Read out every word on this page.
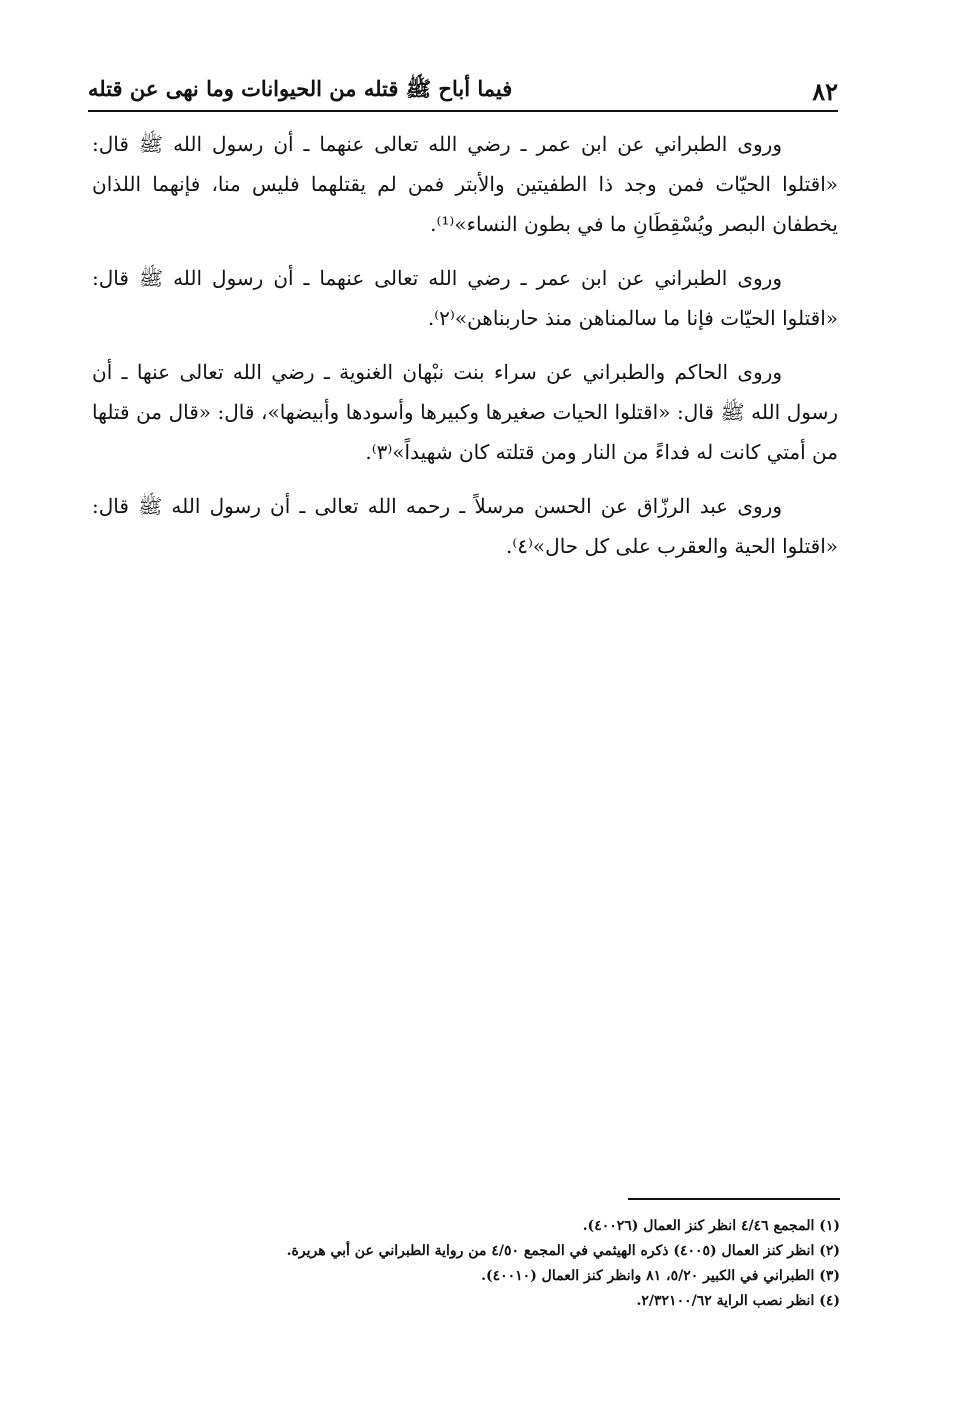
٨٢
فيما أباح ﷺ قتله من الحيوانات وما نهى عن قتله

وروى الطبراني عن ابن عمر ـ رضي الله تعالى عنهما ـ أن رسول الله ﷺ قال: «اقتلوا الحيّات فمن وجد ذا الطفيتين والأبتر فمن لم يقتلهما فليس منا، فإنهما اللذان يخطفان البصر ويُسْقِطَانِ ما في بطون النساء»⁽¹⁾.

وروى الطبراني عن ابن عمر ـ رضي الله تعالى عنهما ـ أن رسول الله ﷺ قال: «اقتلوا الحيّات فإنا ما سالمناهن منذ حاربناهن»⁽٢⁾.

وروى الحاكم والطبراني عن سراء بنت نبْهان الغنوية ـ رضي الله تعالى عنها ـ أن رسول الله ﷺ قال: «اقتلوا الحيات صغيرها وكبيرها وأسودها وأبيضها»، قال: «قال من قتلها من أمتي كانت له فداءً من النار ومن قتلته كان شهيداً»⁽٣⁾.

وروى عبد الرزّاق عن الحسن مرسلاً ـ رحمه الله تعالى ـ أن رسول الله ﷺ قال: «اقتلوا الحية والعقرب على كل حال»⁽٤⁾.

(١) المجمع ٤/٤٦ انظر كنز العمال (٤٠٠٢٦).
(٢) انظر كنز العمال (٤٠٠٥) ذكره الهيثمي في المجمع ٤/٥٠ من رواية الطبراني عن أبي هريرة.
(٣) الطبراني في الكبير ٥/٢٠، ٨١ وانظر كنز العمال (٤٠٠١٠).
(٤) انظر نصب الراية ٢/٣٢١٠٠/٦٢.
